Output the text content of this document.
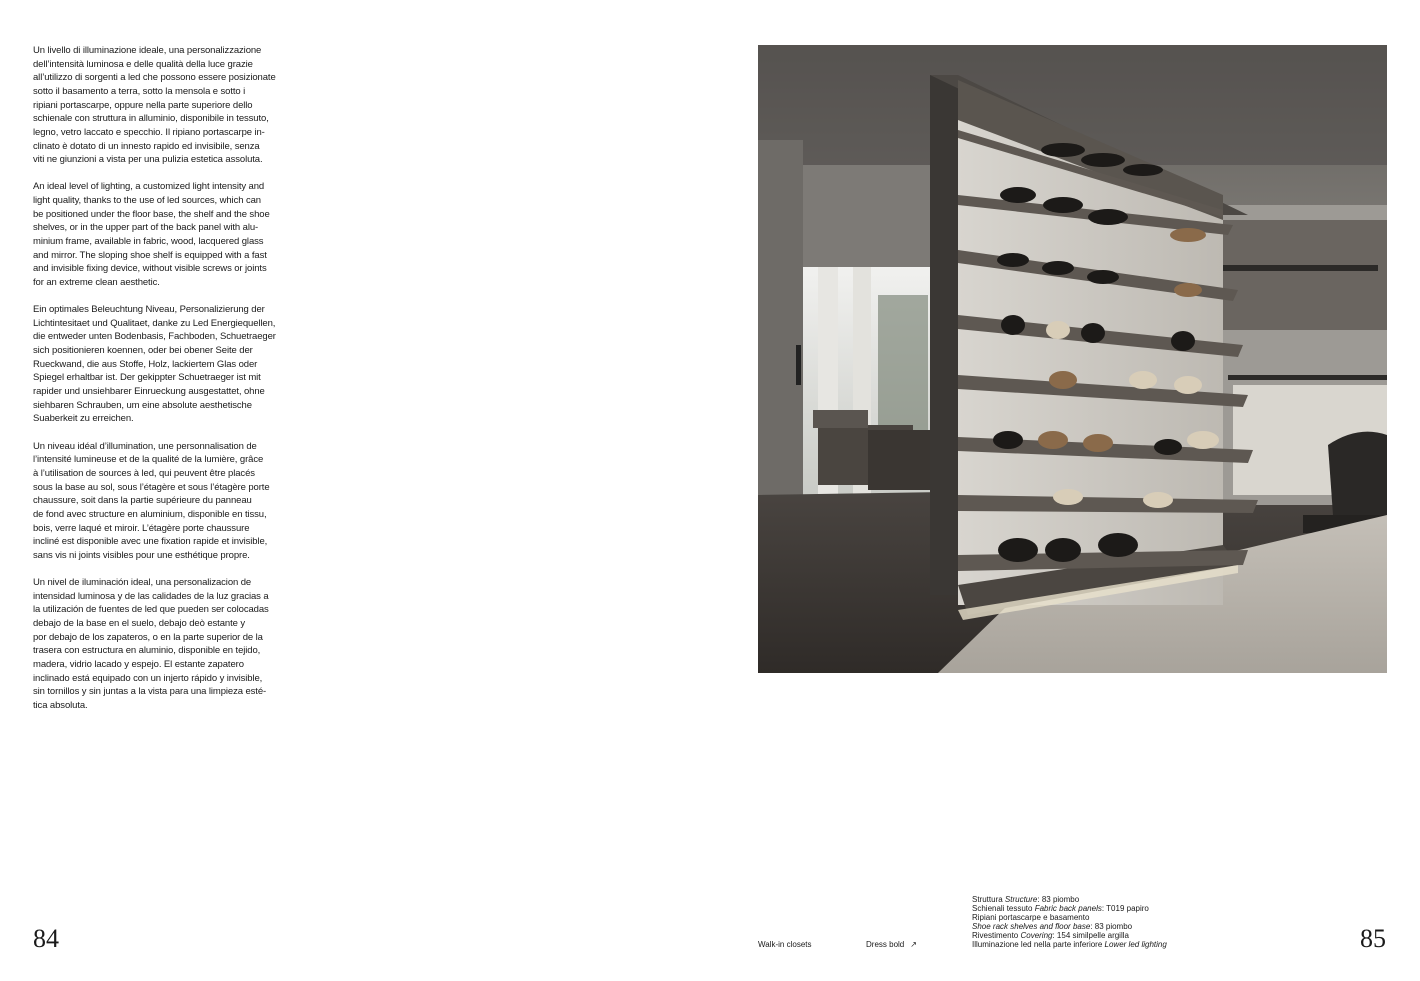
Un livello di illuminazione ideale, una personalizzazione
dell’intensità luminosa e delle qualità della luce grazie
all’utilizzo di sorgenti a led che possono essere posizionate
sotto il basamento a terra, sotto la mensola e sotto i
ripiani portascarpe, oppure nella parte superiore dello
schienale con struttura in alluminio, disponibile in tessuto,
legno, vetro laccato e specchio. Il ripiano portascarpe in-
clinato è dotato di un innesto rapido ed invisibile, senza
viti ne giunzioni a vista per una pulizia estetica assoluta.

An ideal level of lighting, a customized light intensity and
light quality, thanks to the use of led sources, which can
be positioned under the floor base, the shelf and the shoe
shelves, or in the upper part of the back panel with alu-
minium frame, available in fabric, wood, lacquered glass
and mirror. The sloping shoe shelf is equipped with a fast
and invisible fixing device, without visible screws or joints
for an extreme clean aesthetic.

Ein optimales Beleuchtung Niveau, Personalizierung der
Lichtintesitaet und Qualitaet, danke zu Led Energiequellen,
die entweder unten Bodenbasis, Fachboden, Schuetraeger
sich positionieren koennen, oder bei obener Seite der
Rueckwand, die aus Stoffe, Holz, lackiertem Glas oder
Spiegel erhaltbar ist. Der gekippter Schuetraeger ist mit
rapider und unsiehbarer Einrueckung ausgestattet, ohne
siehbaren Schrauben, um eine absolute aesthetische
Suaberkeit zu erreichen.

Un niveau idéal d’illumination, une personnalisation de
l’intensité lumineuse et de la qualité de la lumière, grâce
à l’utilisation de sources à led, qui peuvent être placés
sous la base au sol, sous l’étagère et sous l’étagère porte
chaussure, soit dans la partie supérieure du panneau
de fond avec structure en aluminium, disponible en tissu,
bois, verre laqué et miroir. L’étagère porte chaussure
incliné est disponible avec une fixation rapide et invisible,
sans vis ni joints visibles pour une esthétique propre.

Un nivel de iluminación ideal, una personalizacion de
intensidad luminosa y de las calidades de la luz gracias a
la utilización de fuentes de led que pueden ser colocadas
debajo de la base en el suelo, debajo deò estante y
por debajo de los zapateros, o en la parte superior de la
trasera con estructura en aluminio, disponible en tejido,
madera, vidrio lacado y espejo. El estante zapatero
inclinado está equipado con un injerto rápido y invisible,
sin tornillos y sin juntas a la vista para una limpieza esté-
tica absoluta.

84	85
Walk-in closets	Dress bold ↗
Struttura Structure: 83 piombo
Schienali tessuto Fabric back panels: T019 papiro
Ripiani portascarpe e basamento
Shoe rack shelves and floor base: 83 piombo
Rivestimento Covering: 154 similpelle argilla
Illuminazione led nella parte inferiore Lower led lighting
